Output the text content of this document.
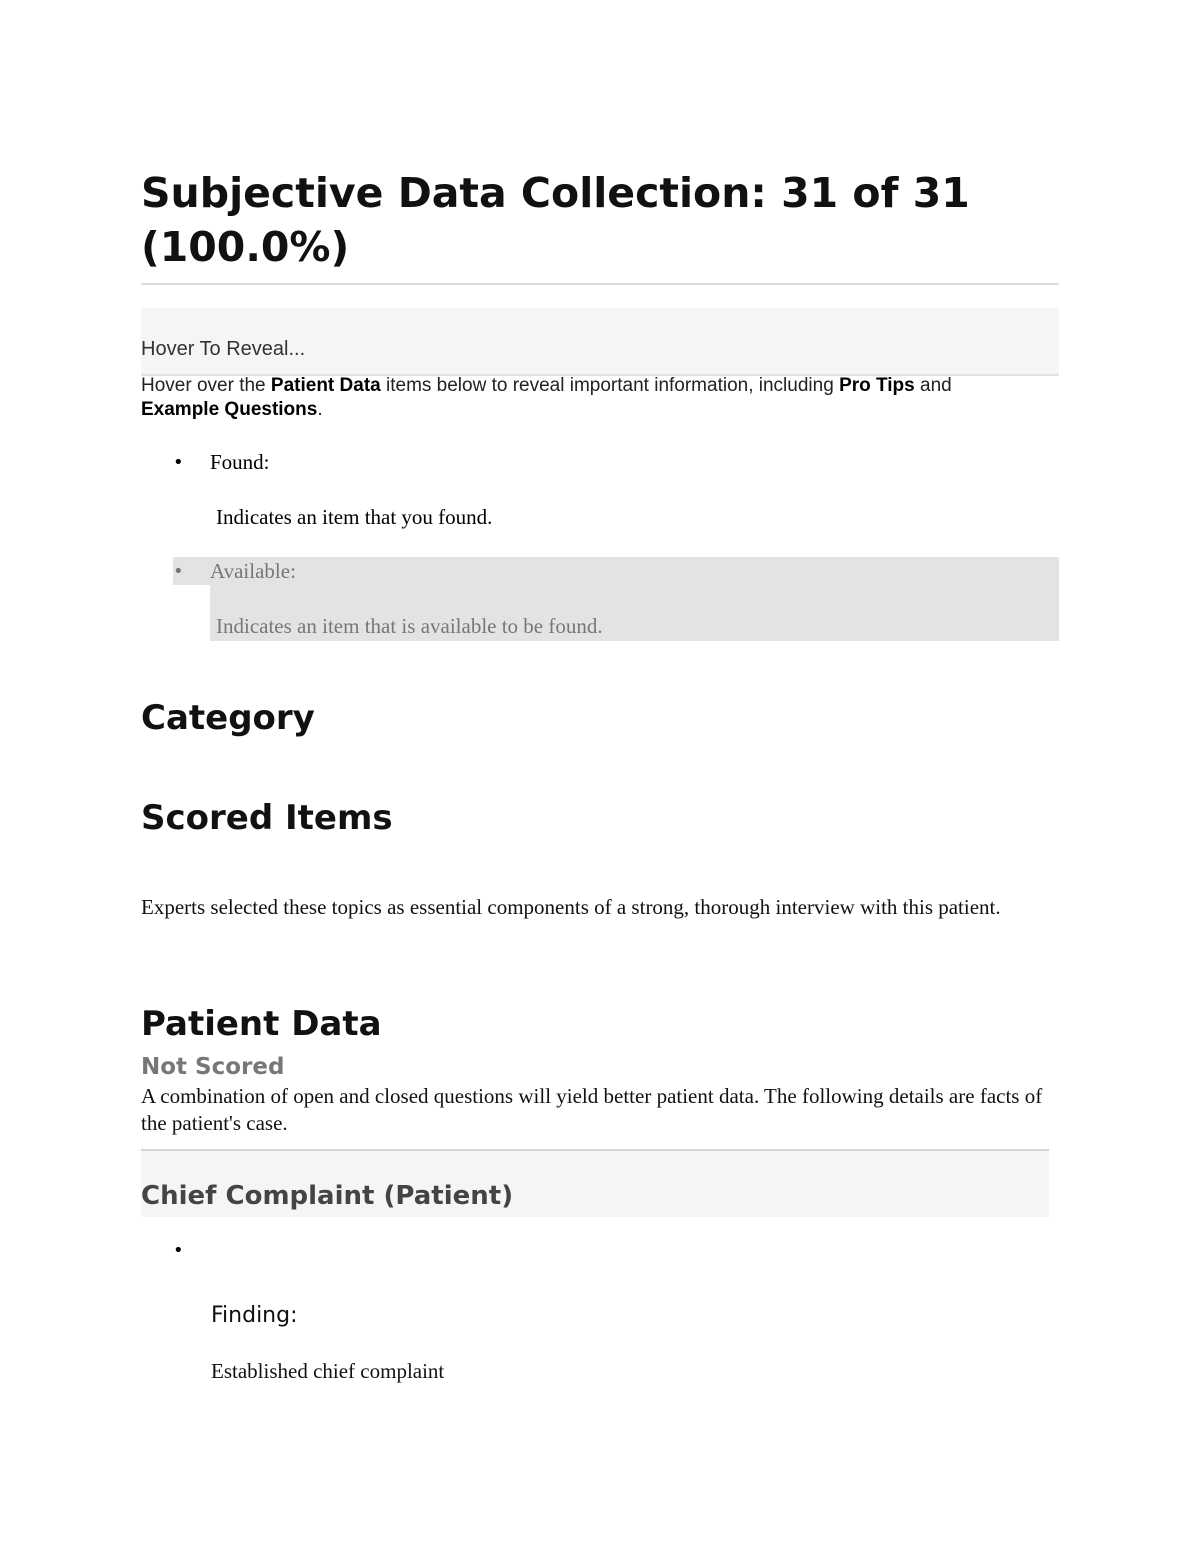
Subjective Data Collection: 31 of 31 (100.0%)
Hover To Reveal...
Hover over the Patient Data items below to reveal important information, including Pro Tips and Example Questions.
• Found:
Indicates an item that you found.
• Available:
Indicates an item that is available to be found.
Category
Scored Items
Experts selected these topics as essential components of a strong, thorough interview with this patient.
Patient Data
Not Scored
A combination of open and closed questions will yield better patient data. The following details are facts of the patient's case.
Chief Complaint (Patient)
•
Finding:
Established chief complaint
